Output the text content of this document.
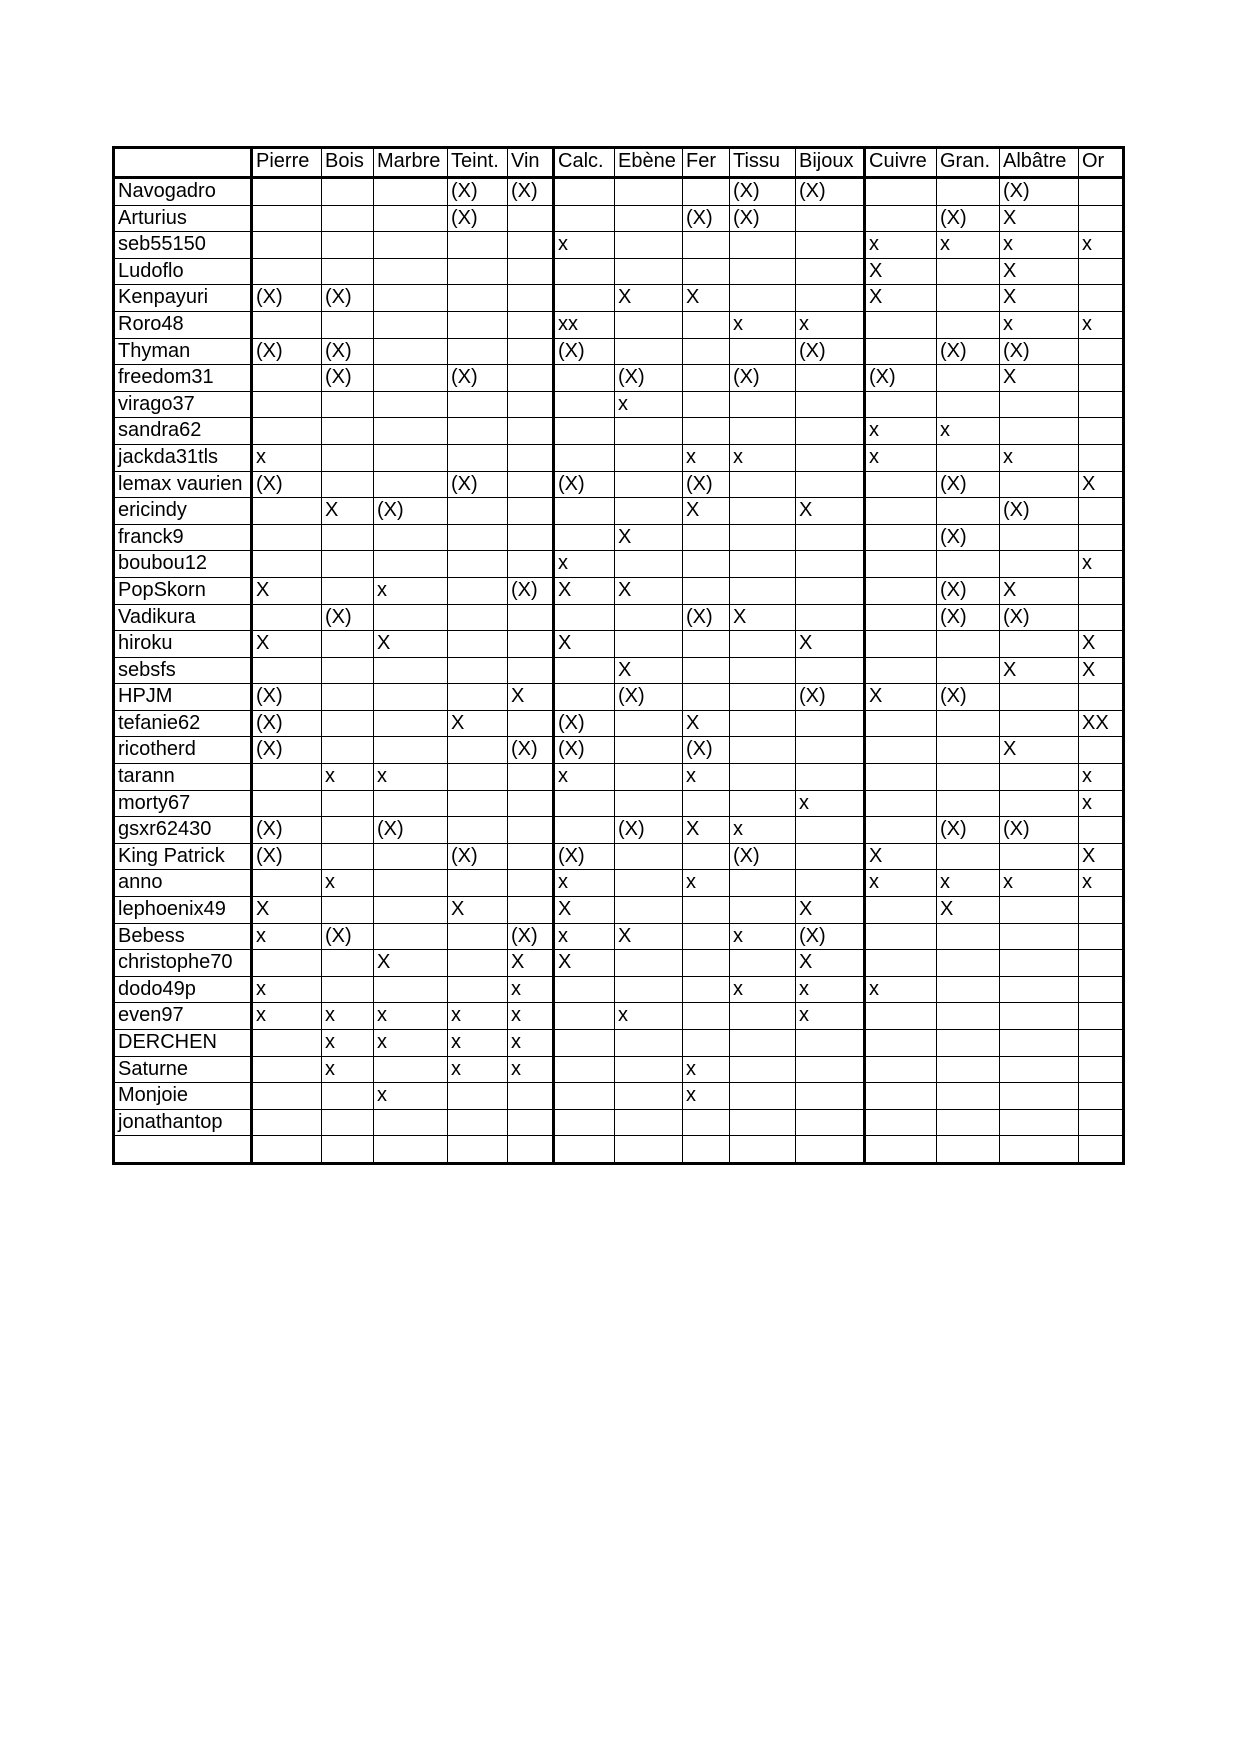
	Pierre	Bois	Marbre	Teint.	Vin	Calc.	Ebène	Fer	Tissu	Bijoux	Cuivre	Gran.	Albâtre	Or
Navogadro				(X)	(X)				(X)	(X)			(X)	
Arturius				(X)				(X)	(X)			(X)	X	
seb55150						x					x	x	x	x
Ludoflo											X		X	
Kenpayuri	(X)	(X)					X	X			X		X	
Roro48						xx			x	x			x	x
Thyman	(X)	(X)				(X)				(X)		(X)	(X)	
freedom31		(X)		(X)			(X)		(X)		(X)		X	
virago37							x							
sandra62											x	x		
jackda31tls	x							x	x		x		x	
lemax vaurien	(X)			(X)		(X)		(X)				(X)		X
ericindy		X	(X)					X		X			(X)	
franck9							X					(X)		
boubou12						x								x
PopSkorn	X		x		(X)	X	X					(X)	X	
Vadikura		(X)						(X)	X			(X)	(X)	
hiroku	X		X			X				X				X
sebsfs							X						X	X
HPJM	(X)				X		(X)			(X)	X	(X)		
tefanie62	(X)			X		(X)		X						XX
ricotherd	(X)				(X)	(X)		(X)					X	
tarann		x	x			x		x						x
morty67										x				x
gsxr62430	(X)		(X)				(X)	X	x			(X)	(X)	
King Patrick	(X)			(X)		(X)			(X)		X			X
anno		x				x		x			x	x	x	x
lephoenix49	X			X		X				X		X		
Bebess	x	(X)			(X)	x	X		x	(X)				
christophe70			X		X	X				X				
dodo49p	x				x				x	x	x			
even97	x	x	x	x	x		x			x				
DERCHEN		x	x	x	x									
Saturne		x		x	x			x						
Monjoie			x					x						
jonathantop														
